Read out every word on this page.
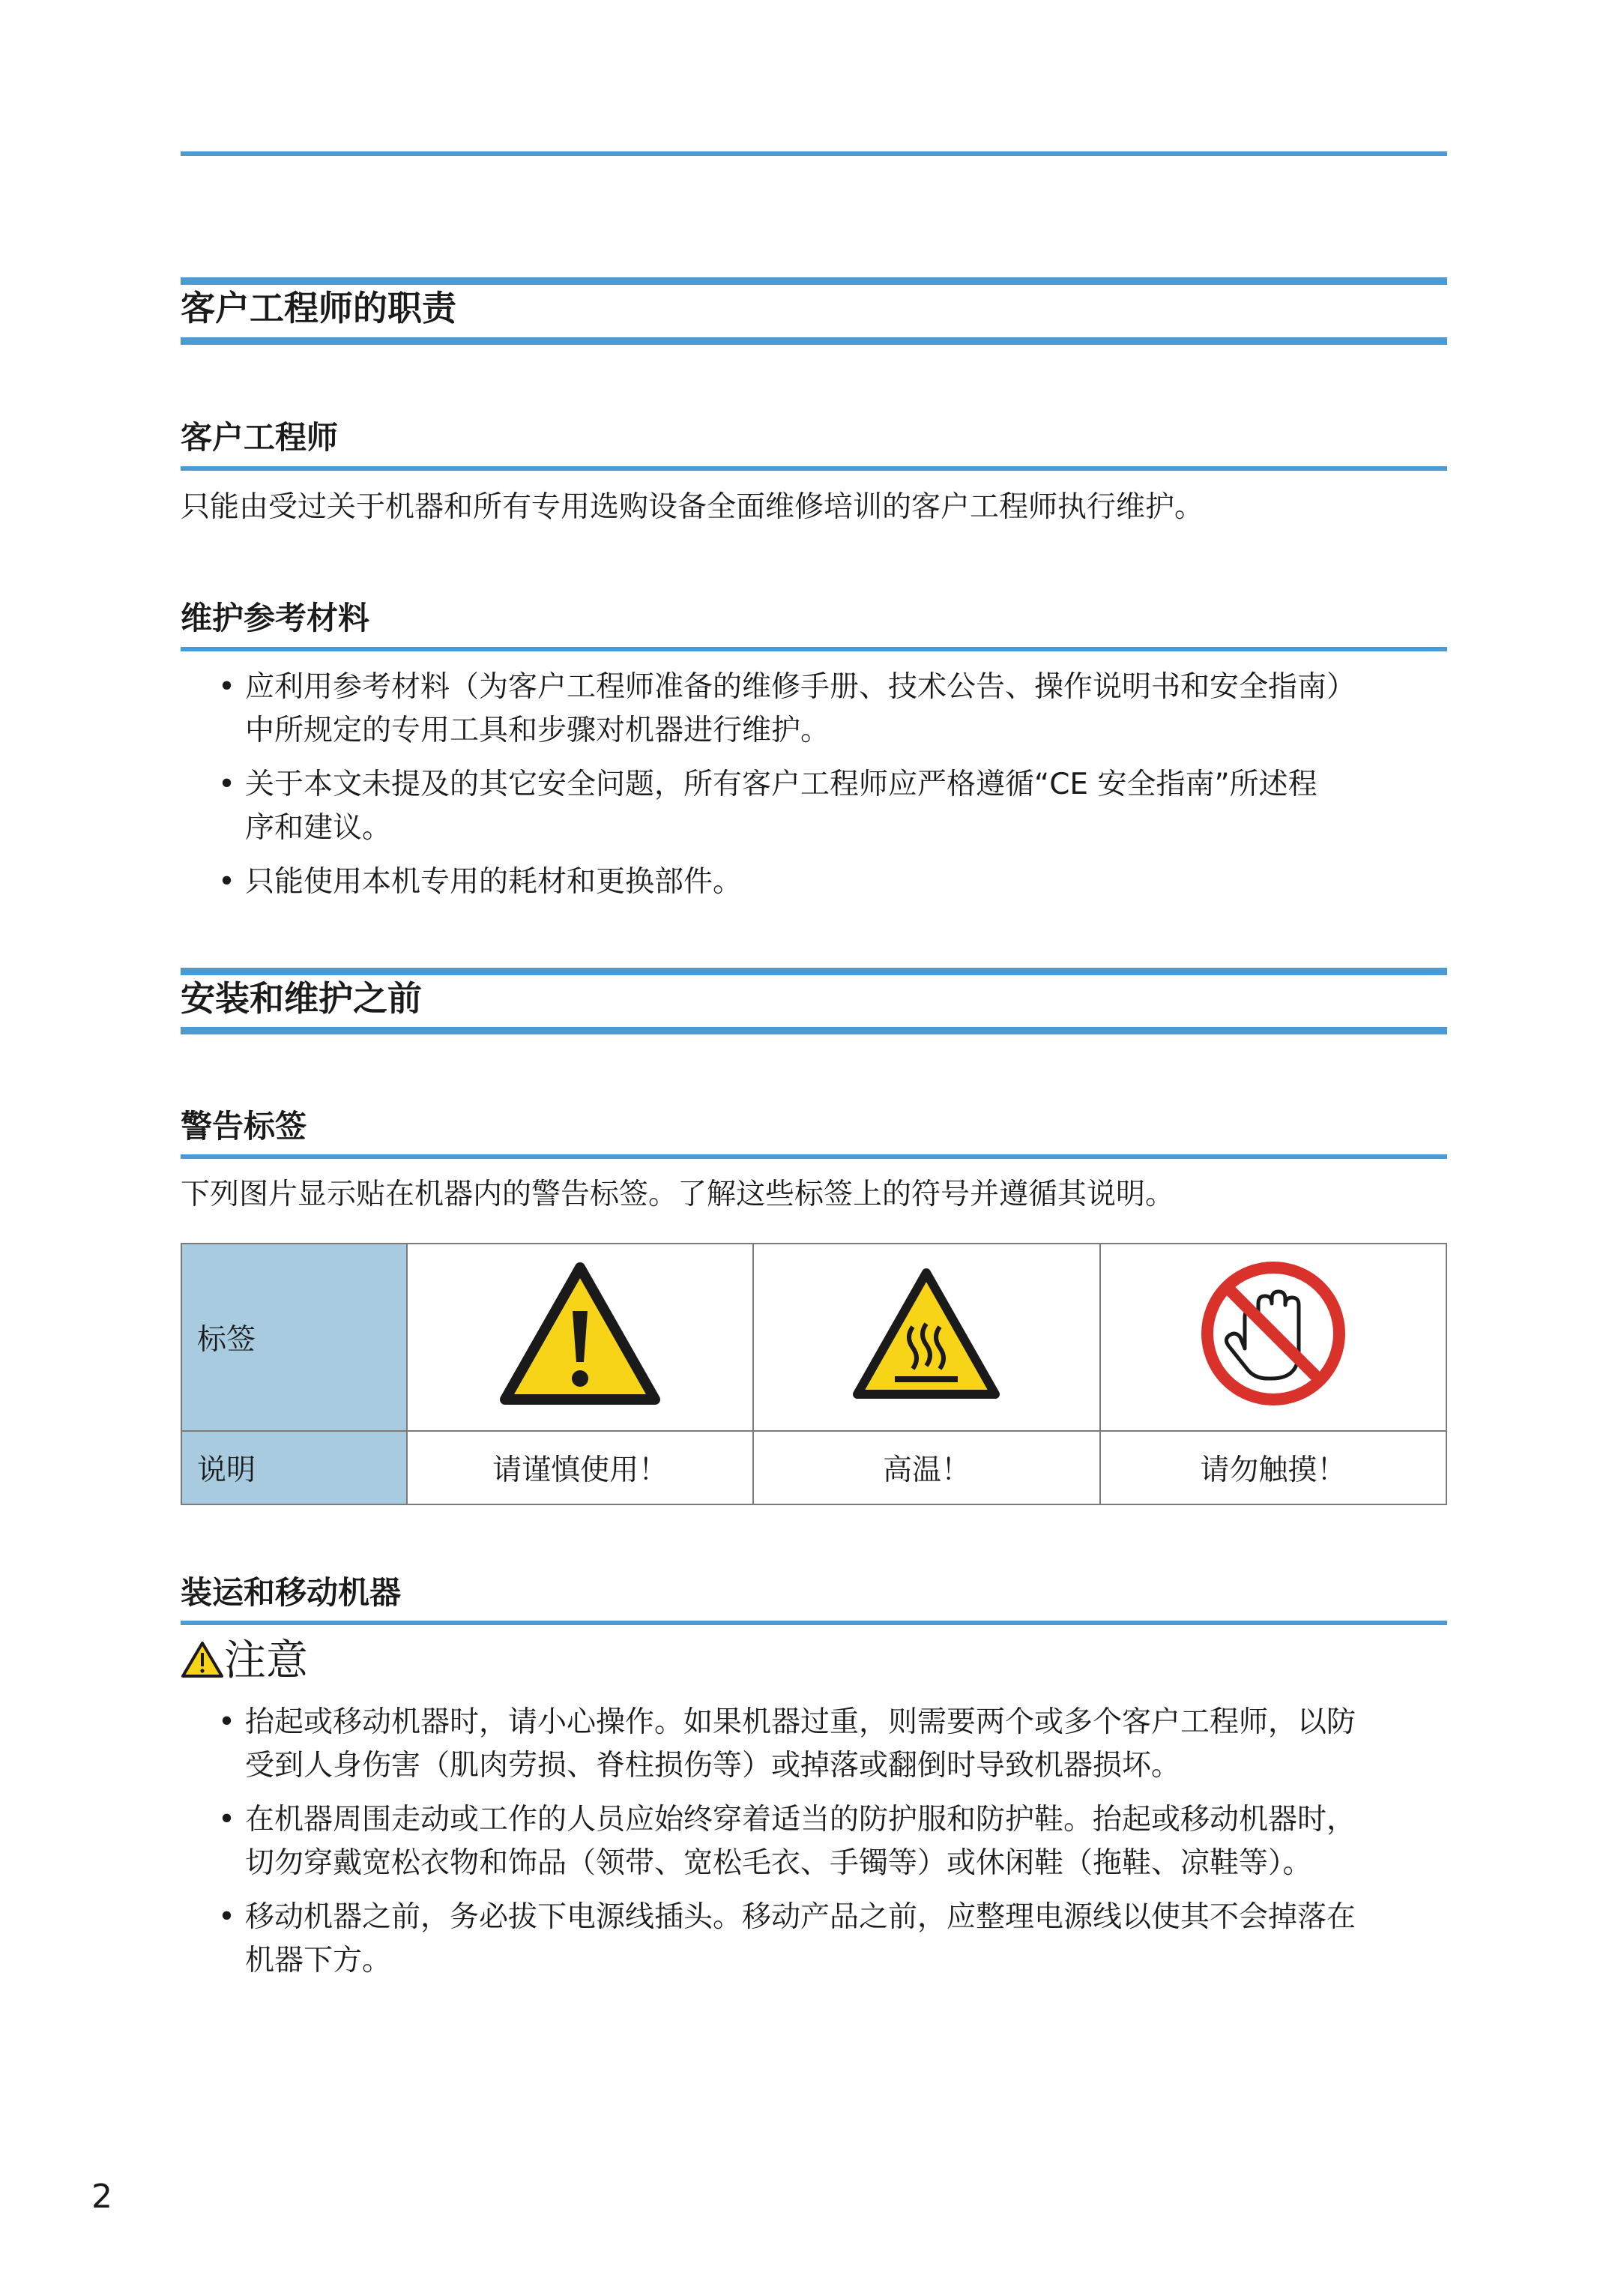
客户工程师的职责
客户工程师
只能由受过关于机器和所有专用选购设备全面维修培训的客户工程师执行维护。
维护参考材料
• 应利用参考材料（为客户工程师准备的维修手册、技术公告、操作说明书和安全指南）
中所规定的专用工具和步骤对机器进行维护。
• 关于本文未提及的其它安全问题，所有客户工程师应严格遵循“CE 安全指南”所述程
序和建议。
• 只能使用本机专用的耗材和更换部件。
安装和维护之前
警告标签
下列图片显示贴在机器内的警告标签。了解这些标签上的符号并遵循其说明。
标签			
说明	请谨慎使用！	高温！	请勿触摸！
装运和移动机器
注意
• 抬起或移动机器时，请小心操作。如果机器过重，则需要两个或多个客户工程师，以防
受到人身伤害（肌肉劳损、脊柱损伤等）或掉落或翻倒时导致机器损坏。
• 在机器周围走动或工作的人员应始终穿着适当的防护服和防护鞋。抬起或移动机器时，
切勿穿戴宽松衣物和饰品（领带、宽松毛衣、手镯等）或休闲鞋（拖鞋、凉鞋等）。
• 移动机器之前，务必拔下电源线插头。移动产品之前，应整理电源线以使其不会掉落在
机器下方。
2
